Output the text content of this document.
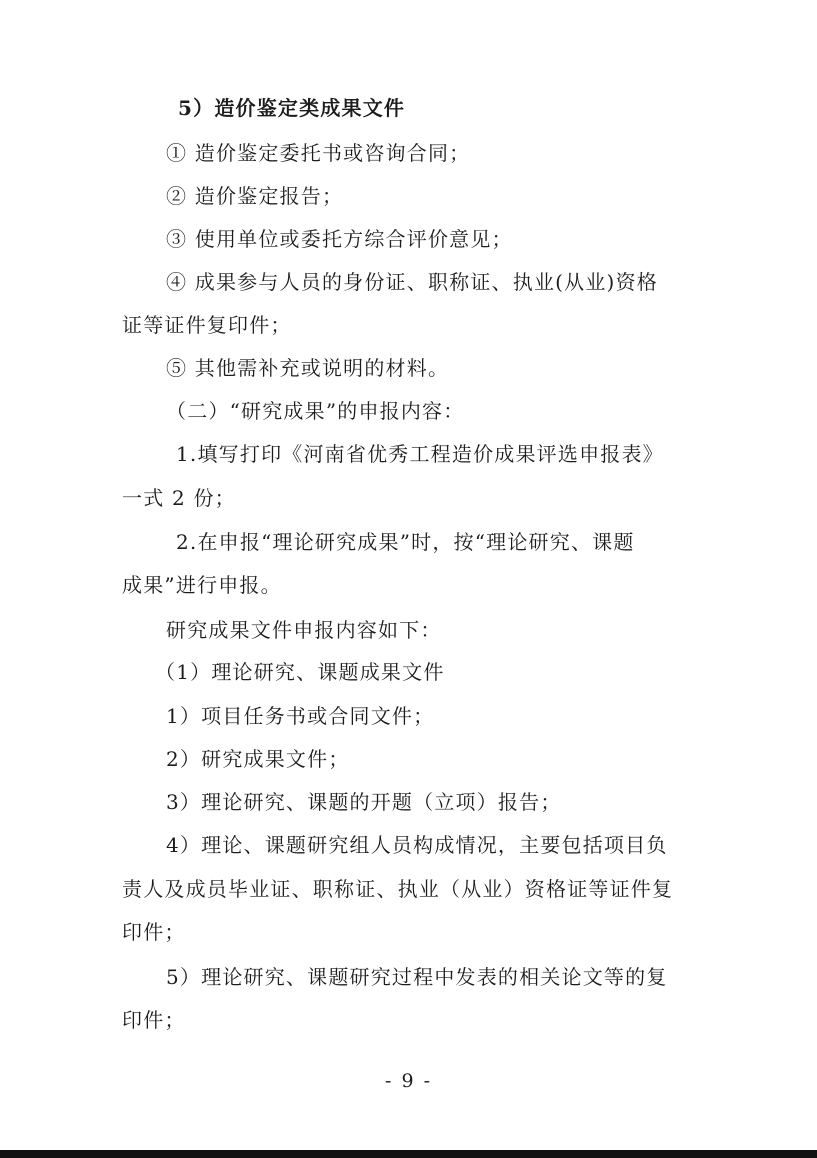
5）造价鉴定类成果文件
① 造价鉴定委托书或咨询合同；
② 造价鉴定报告；
③ 使用单位或委托方综合评价意见；
④ 成果参与人员的身份证、职称证、执业(从业)资格
证等证件复印件；
⑤ 其他需补充或说明的材料。
（二）“研究成果”的申报内容：
1.填写打印《河南省优秀工程造价成果评选申报表》
一式 2 份；
2.在申报“理论研究成果”时，按“理论研究、课题
成果”进行申报。
研究成果文件申报内容如下：
（1）理论研究、课题成果文件
1）项目任务书或合同文件；
2）研究成果文件；
3）理论研究、课题的开题（立项）报告；
4）理论、课题研究组人员构成情况，主要包括项目负
责人及成员毕业证、职称证、执业（从业）资格证等证件复
印件；
5）理论研究、课题研究过程中发表的相关论文等的复
印件；
- 9 -
